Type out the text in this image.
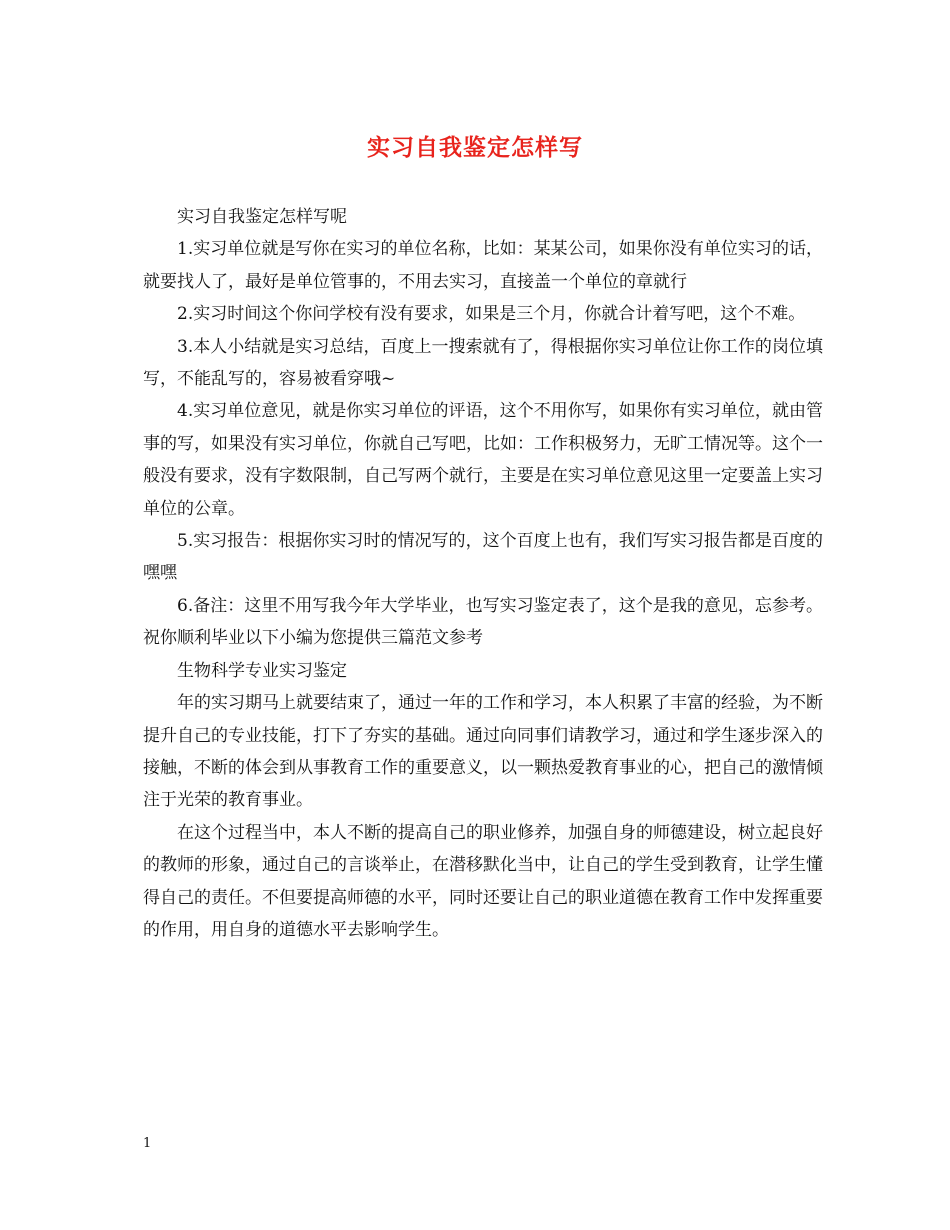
实习自我鉴定怎样写

实习自我鉴定怎样写呢

1.实习单位就是写你在实习的单位名称，比如：某某公司，如果你没有单位实习的话，就要找人了，最好是单位管事的，不用去实习，直接盖一个单位的章就行

2.实习时间这个你问学校有没有要求，如果是三个月，你就合计着写吧，这个不难。

3.本人小结就是实习总结，百度上一搜索就有了，得根据你实习单位让你工作的岗位填写，不能乱写的，容易被看穿哦~

4.实习单位意见，就是你实习单位的评语，这个不用你写，如果你有实习单位，就由管事的写，如果没有实习单位，你就自己写吧，比如：工作积极努力，无旷工情况等。这个一般没有要求，没有字数限制，自己写两个就行，主要是在实习单位意见这里一定要盖上实习单位的公章。

5.实习报告：根据你实习时的情况写的，这个百度上也有，我们写实习报告都是百度的嘿嘿

6.备注：这里不用写我今年大学毕业，也写实习鉴定表了，这个是我的意见，忘参考。祝你顺利毕业以下小编为您提供三篇范文参考

生物科学专业实习鉴定

年的实习期马上就要结束了，通过一年的工作和学习，本人积累了丰富的经验，为不断提升自己的专业技能，打下了夯实的基础。通过向同事们请教学习，通过和学生逐步深入的接触，不断的体会到从事教育工作的重要意义，以一颗热爱教育事业的心，把自己的激情倾注于光荣的教育事业。

在这个过程当中，本人不断的提高自己的职业修养，加强自身的师德建设，树立起良好的教师的形象，通过自己的言谈举止，在潜移默化当中，让自己的学生受到教育，让学生懂得自己的责任。不但要提高师德的水平，同时还要让自己的职业道德在教育工作中发挥重要的作用，用自身的道德水平去影响学生。

1
